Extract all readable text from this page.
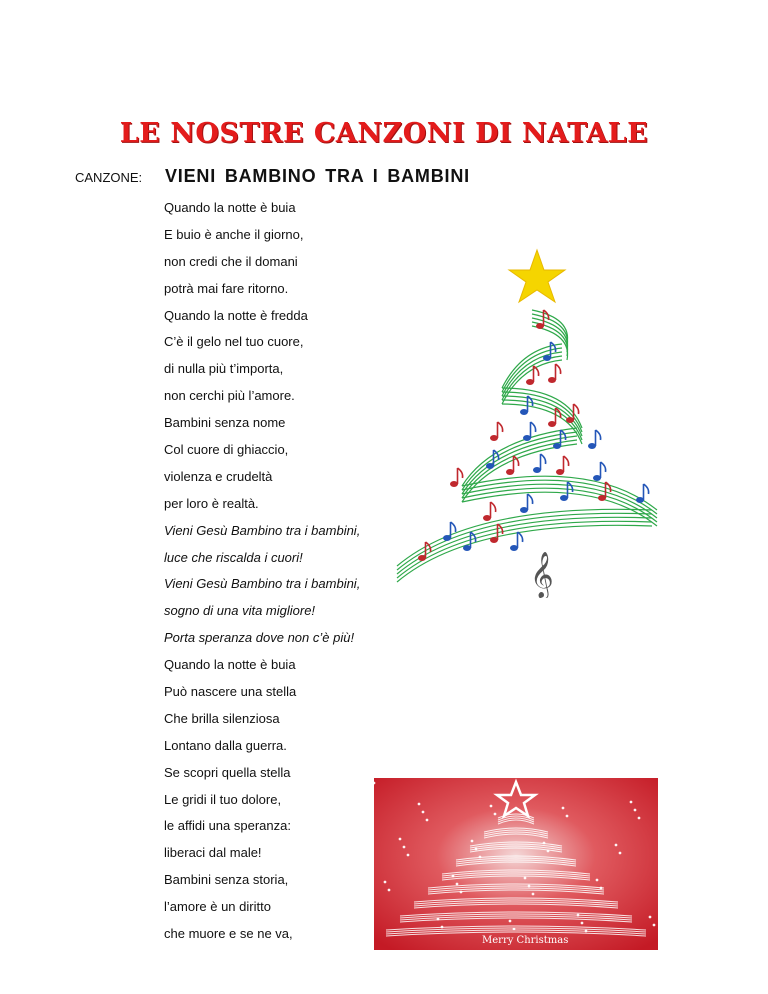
LE NOSTRE CANZONI DI NATALE
CANZONE: VIENI BAMBINO TRA I BAMBINI
Quando la notte è buia
E buio è anche il giorno,
non credi che il domani
potrà mai fare ritorno.
Quando la notte è fredda
C’è il gelo nel tuo cuore,
di nulla più t’importa,
non cerchi più l’amore.
Bambini senza nome
Col cuore di ghiaccio,
violenza e crudeltà
per loro è realtà.
Vieni Gesù Bambino tra i bambini,
luce che riscalda i cuori!
Vieni Gesù Bambino tra i bambini,
sogno di una vita migliore!
Porta speranza dove non c’è più!
Quando la notte è buia
Può nascere una stella
Che brilla silenziosa
Lontano dalla guerra.
Se scopri quella stella
Le gridi il tuo dolore,
le affidi una speranza:
liberaci dal male!
Bambini senza storia,
l’amore è un diritto
che muore e se ne va,
𝄞
Merry Christmas
